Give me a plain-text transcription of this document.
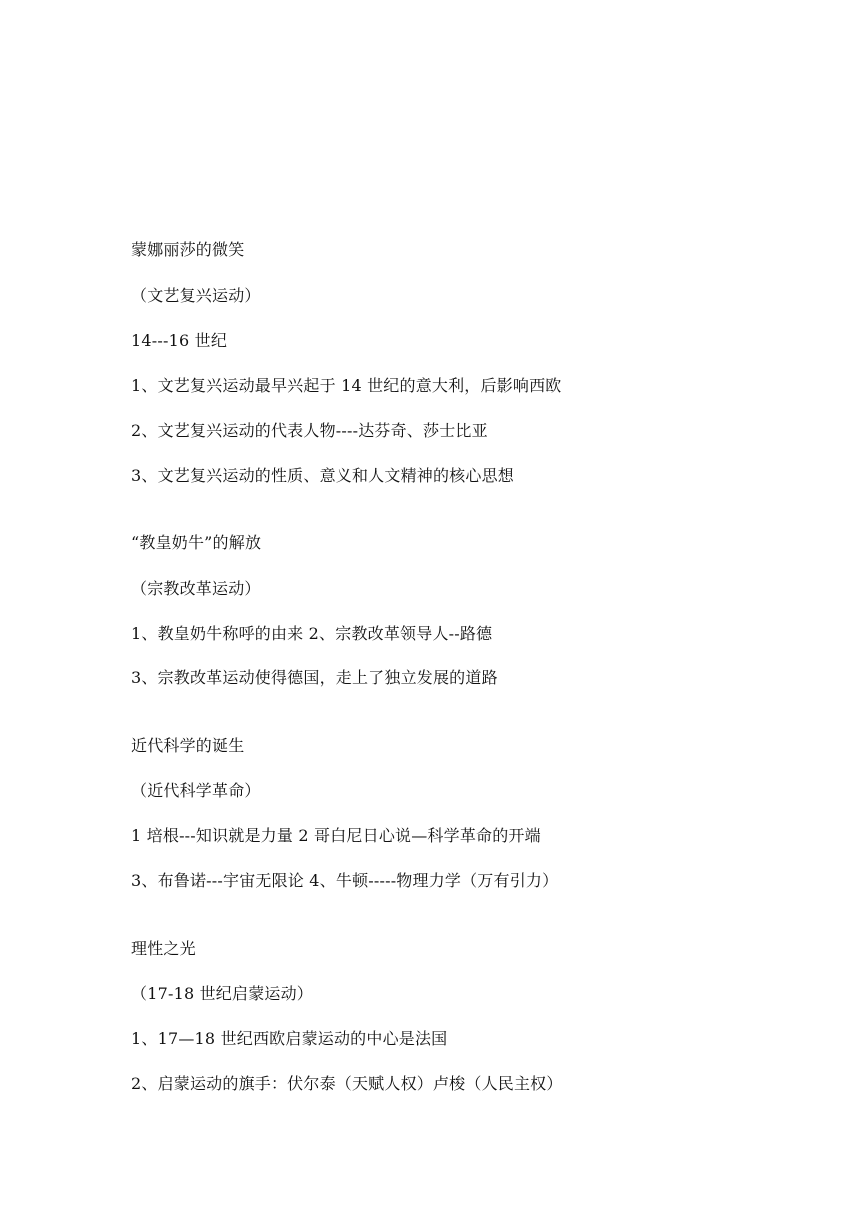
蒙娜丽莎的微笑
（文艺复兴运动）
14---16 世纪
1、文艺复兴运动最早兴起于 14 世纪的意大利，后影响西欧
2、文艺复兴运动的代表人物----达芬奇、莎士比亚
3、文艺复兴运动的性质、意义和人文精神的核心思想
“教皇奶牛”的解放
（宗教改革运动）
1、教皇奶牛称呼的由来 2、宗教改革领导人--路德
3、宗教改革运动使得德国，走上了独立发展的道路
近代科学的诞生
（近代科学革命）
1 培根---知识就是力量 2 哥白尼日心说—科学革命的开端
3、布鲁诺---宇宙无限论 4、牛顿-----物理力学（万有引力）
理性之光
（17-18 世纪启蒙运动）
1、17—18 世纪西欧启蒙运动的中心是法国
2、启蒙运动的旗手：伏尔泰（天赋人权）卢梭（人民主权）
